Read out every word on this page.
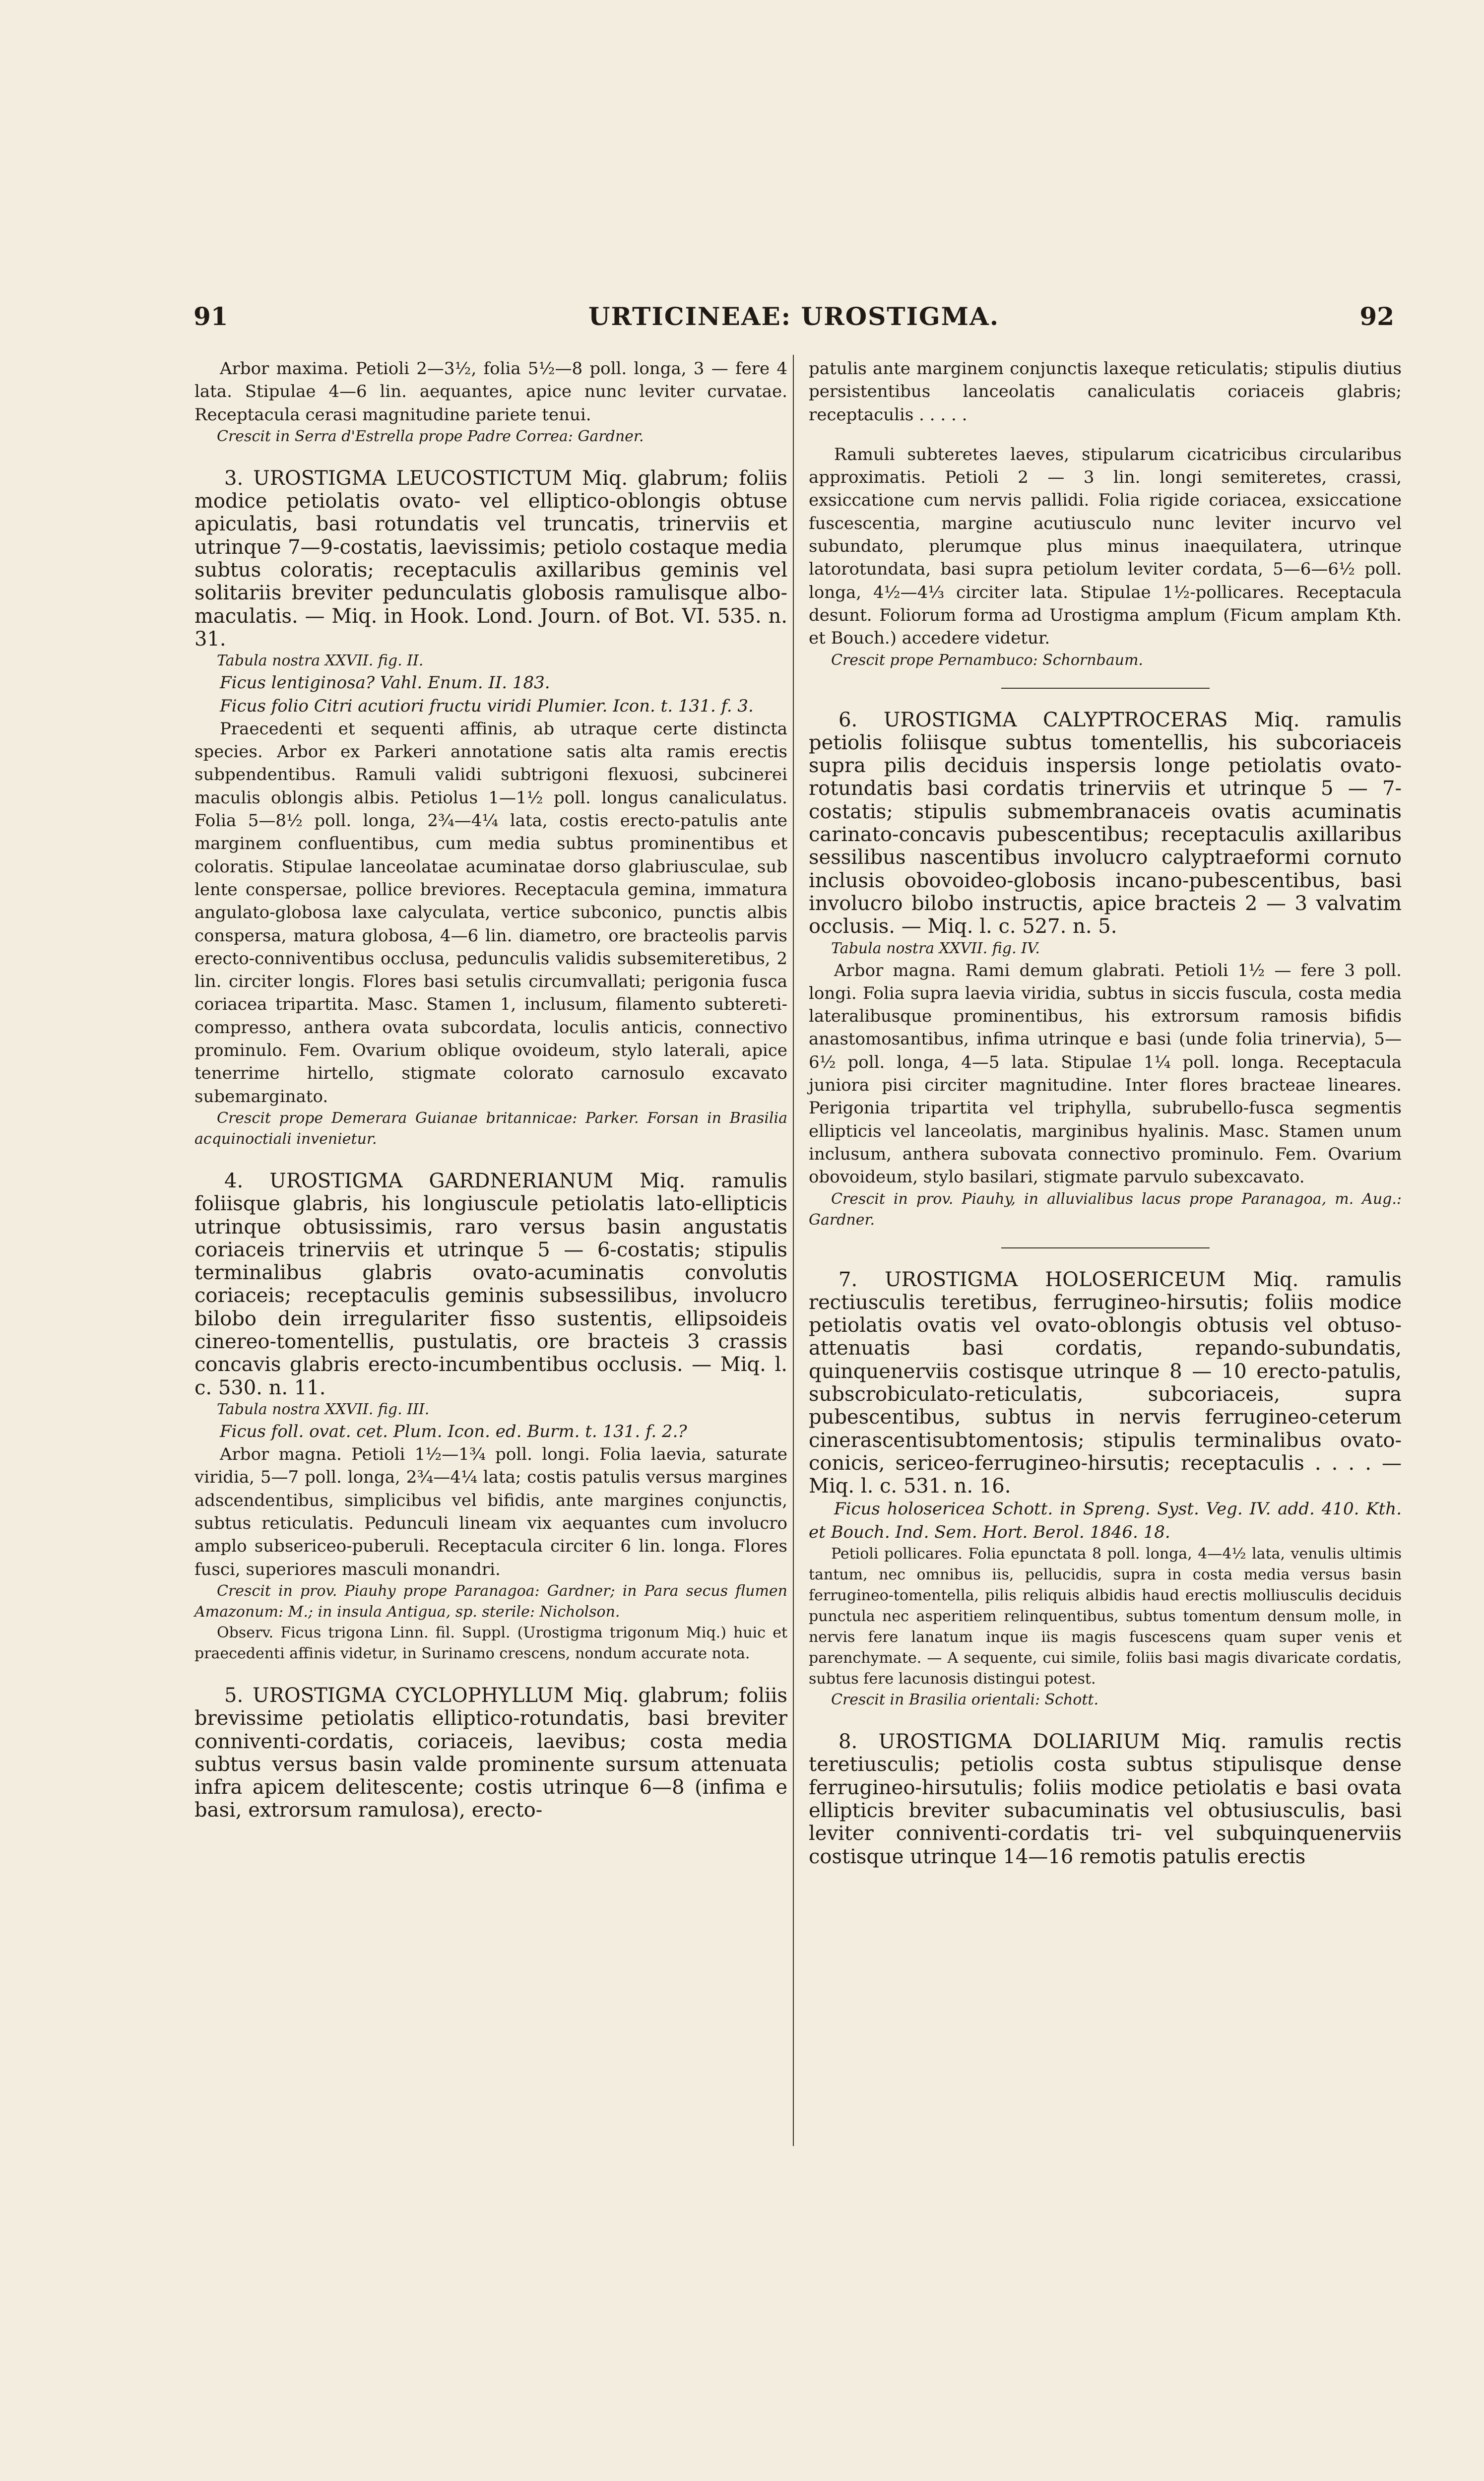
91	URTICINEAE: UROSTIGMA.	92

Arbor maxima. Petioli 2—3½, folia 5½—8 poll. longa, 3 — fere 4 lata. Stipulae 4—6 lin. aequantes, apice nunc leviter curvatae. Receptacula cerasi magnitudine pariete tenui.

Crescit in Serra d'Estrella prope Padre Correa: Gardner.

3. UROSTIGMA LEUCOSTICTUM Miq. glabrum; foliis modice petiolatis ovato- vel elliptico-oblongis obtuse apiculatis, basi rotundatis vel truncatis, trinerviis et utrinque 7—9-costatis, laevissimis; petiolo costaque media subtus coloratis; receptaculis axillaribus geminis vel solitariis breviter pedunculatis globosis ramulisque albo-maculatis. — Miq. in Hook. Lond. Journ. of Bot. VI. 535. n. 31.

Tabula nostra XXVII. fig. II.

Ficus lentiginosa? Vahl. Enum. II. 183.

Ficus folio Citri acutiori fructu viridi Plumier. Icon. t. 131. f. 3.

Praecedenti et sequenti affinis, ab utraque certe distincta species. Arbor ex Parkeri annotatione satis alta ramis erectis subpendentibus. Ramuli validi subtrigoni flexuosi, subcinerei maculis oblongis albis. Petiolus 1—1½ poll. longus canaliculatus. Folia 5—8½ poll. longa, 2¾—4¼ lata, costis erecto-patulis ante marginem confluentibus, cum media subtus prominentibus et coloratis. Stipulae lanceolatae acuminatae dorso glabriusculae, sub lente conspersae, pollice breviores. Receptacula gemina, immatura angulato-globosa laxe calyculata, vertice subconico, punctis albis conspersa, matura globosa, 4—6 lin. diametro, ore bracteolis parvis erecto-conniventibus occlusa, pedunculis validis subsemiteretibus, 2 lin. circiter longis. Flores basi setulis circumvallati; perigonia fusca coriacea tripartita. Masc. Stamen 1, inclusum, filamento subtereti-compresso, anthera ovata subcordata, loculis anticis, connectivo prominulo. Fem. Ovarium oblique ovoideum, stylo laterali, apice tenerrime hirtello, stigmate colorato carnosulo excavato subemarginato.

Crescit prope Demerara Guianae britannicae: Parker. Forsan in Brasilia acquinoctiali invenietur.

4. UROSTIGMA GARDNERIANUM Miq. ramulis foliisque glabris, his longiuscule petiolatis lato-ellipticis utrinque obtusissimis, raro versus basin angustatis coriaceis trinerviis et utrinque 5 — 6-costatis; stipulis terminalibus glabris ovato-acuminatis convolutis coriaceis; receptaculis geminis subsessilibus, involucro bilobo dein irregulariter fisso sustentis, ellipsoideis cinereo-tomentellis, pustulatis, ore bracteis 3 crassis concavis glabris erecto-incumbentibus occlusis. — Miq. l. c. 530. n. 11.

Tabula nostra XXVII. fig. III.

Ficus foll. ovat. cet. Plum. Icon. ed. Burm. t. 131. f. 2.?

Arbor magna. Petioli 1½—1¾ poll. longi. Folia laevia, saturate viridia, 5—7 poll. longa, 2¾—4¼ lata; costis patulis versus margines adscendentibus, simplicibus vel bifidis, ante margines conjunctis, subtus reticulatis. Pedunculi lineam vix aequantes cum involucro amplo subsericeo-puberuli. Receptacula circiter 6 lin. longa. Flores fusci, superiores masculi monandri.

Crescit in prov. Piauhy prope Paranagoa: Gardner; in Para secus flumen Amazonum: M.; in insula Antigua, sp. sterile: Nicholson.

Observ. Ficus trigona Linn. fil. Suppl. (Urostigma trigonum Miq.) huic et praecedenti affinis videtur, in Surinamo crescens, nondum accurate nota.

5. UROSTIGMA CYCLOPHYLLUM Miq. glabrum; foliis brevissime petiolatis elliptico-rotundatis, basi breviter conniventi-cordatis, coriaceis, laevibus; costa media subtus versus basin valde prominente sursum attenuata infra apicem delitescente; costis utrinque 6—8 (infima e basi, extrorsum ramulosa), erecto-

patulis ante marginem conjunctis laxeque reticulatis; stipulis diutius persistentibus lanceolatis canaliculatis coriaceis glabris; receptaculis . . . . .

Ramuli subteretes laeves, stipularum cicatricibus circularibus approximatis. Petioli 2 — 3 lin. longi semiteretes, crassi, exsiccatione cum nervis pallidi. Folia rigide coriacea, exsiccatione fuscescentia, margine acutiusculo nunc leviter incurvo vel subundato, plerumque plus minus inaequilatera, utrinque latorotundata, basi supra petiolum leviter cordata, 5—6—6½ poll. longa, 4½—4⅓ circiter lata. Stipulae 1½-pollicares. Receptacula desunt. Foliorum forma ad Urostigma amplum (Ficum amplam Kth. et Bouch.) accedere videtur.

Crescit prope Pernambuco: Schornbaum.

6. UROSTIGMA CALYPTROCERAS Miq. ramulis petiolis foliisque subtus tomentellis, his subcoriaceis supra pilis deciduis inspersis longe petiolatis ovato-rotundatis basi cordatis trinerviis et utrinque 5 — 7-costatis; stipulis submembranaceis ovatis acuminatis carinato-concavis pubescentibus; receptaculis axillaribus sessilibus nascentibus involucro calyptraeformi cornuto inclusis obovoideo-globosis incano-pubescentibus, basi involucro bilobo instructis, apice bracteis 2 — 3 valvatim occlusis. — Miq. l. c. 527. n. 5.

Tabula nostra XXVII. fig. IV.

Arbor magna. Rami demum glabrati. Petioli 1½ — fere 3 poll. longi. Folia supra laevia viridia, subtus in siccis fuscula, costa media lateralibusque prominentibus, his extrorsum ramosis bifidis anastomosantibus, infima utrinque e basi (unde folia trinervia), 5—6½ poll. longa, 4—5 lata. Stipulae 1¼ poll. longa. Receptacula juniora pisi circiter magnitudine. Inter flores bracteae lineares. Perigonia tripartita vel triphylla, subrubello-fusca segmentis ellipticis vel lanceolatis, marginibus hyalinis. Masc. Stamen unum inclusum, anthera subovata connectivo prominulo. Fem. Ovarium obovoideum, stylo basilari, stigmate parvulo subexcavato.

Crescit in prov. Piauhy, in alluvialibus lacus prope Paranagoa, m. Aug.: Gardner.

7. UROSTIGMA HOLOSERICEUM Miq. ramulis rectiusculis teretibus, ferrugineo-hirsutis; foliis modice petiolatis ovatis vel ovato-oblongis obtusis vel obtuso-attenuatis basi cordatis, repando-subundatis, quinquenerviis costisque utrinque 8 — 10 erecto-patulis, subscrobiculato-reticulatis, subcoriaceis, supra pubescentibus, subtus in nervis ferrugineo-ceterum cinerascentisubtomentosis; stipulis terminalibus ovato-conicis, sericeo-ferrugineo-hirsutis; receptaculis . . . . — Miq. l. c. 531. n. 16.

Ficus holosericea Schott. in Spreng. Syst. Veg. IV. add. 410. Kth. et Bouch. Ind. Sem. Hort. Berol. 1846. 18.

Petioli pollicares. Folia epunctata 8 poll. longa, 4—4½ lata, venulis ultimis tantum, nec omnibus iis, pellucidis, supra in costa media versus basin ferrugineo-tomentella, pilis reliquis albidis haud erectis molliusculis deciduis punctula nec asperitiem relinquentibus, subtus tomentum densum molle, in nervis fere lanatum inque iis magis fuscescens quam super venis et parenchymate. — A sequente, cui simile, foliis basi magis divaricate cordatis, subtus fere lacunosis distingui potest.

Crescit in Brasilia orientali: Schott.

8. UROSTIGMA DOLIARIUM Miq. ramulis rectis teretiusculis; petiolis costa subtus stipulisque dense ferrugineo-hirsutulis; foliis modice petiolatis e basi ovata ellipticis breviter subacuminatis vel obtusiusculis, basi leviter conniventi-cordatis tri- vel subquinquenerviis costisque utrinque 14—16 remotis patulis erectis
